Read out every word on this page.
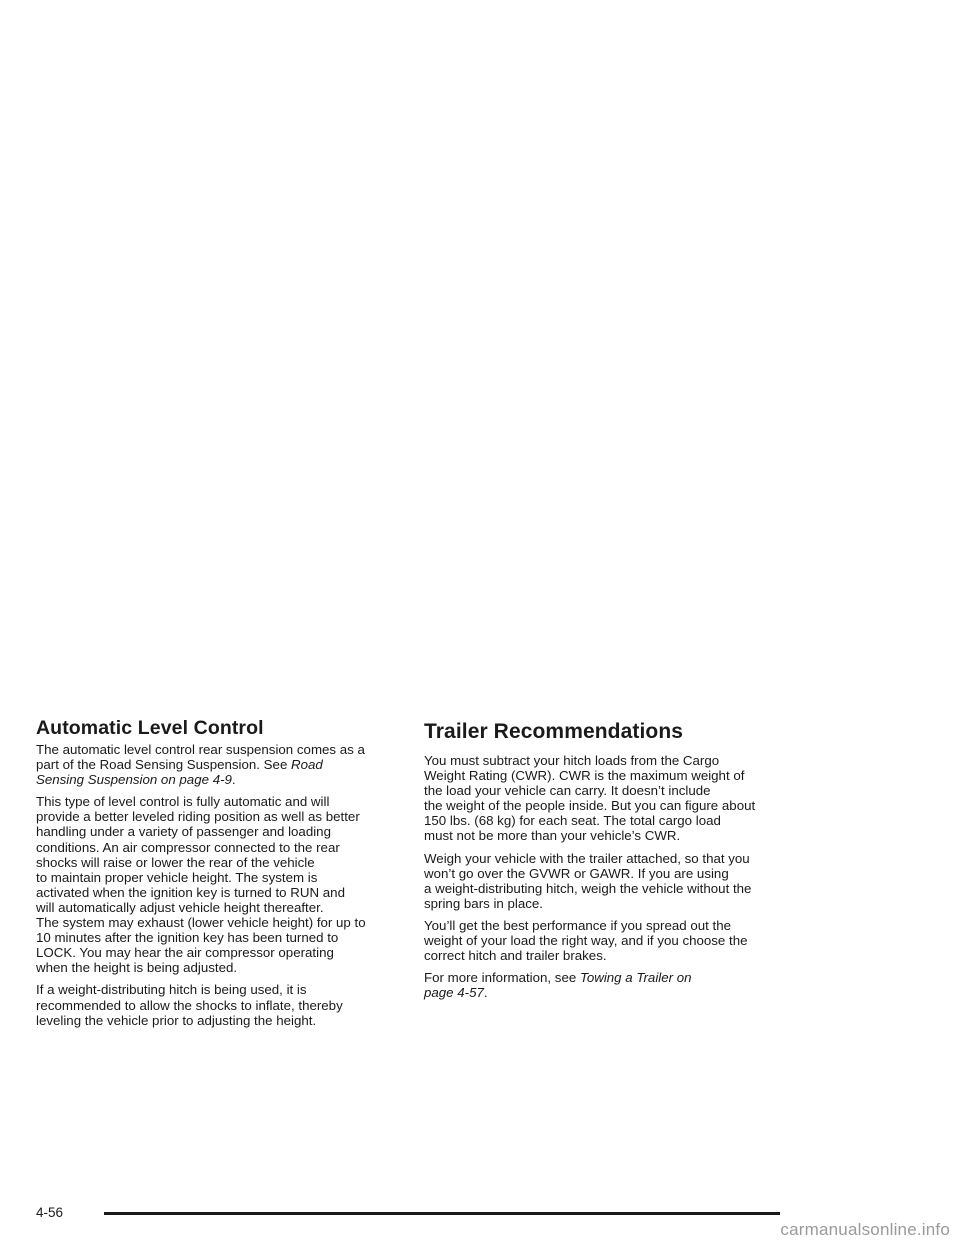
Automatic Level Control

The automatic level control rear suspension comes as a
part of the Road Sensing Suspension. See Road
Sensing Suspension on page 4-9.

This type of level control is fully automatic and will
provide a better leveled riding position as well as better
handling under a variety of passenger and loading
conditions. An air compressor connected to the rear
shocks will raise or lower the rear of the vehicle
to maintain proper vehicle height. The system is
activated when the ignition key is turned to RUN and
will automatically adjust vehicle height thereafter.
The system may exhaust (lower vehicle height) for up to
10 minutes after the ignition key has been turned to
LOCK. You may hear the air compressor operating
when the height is being adjusted.

If a weight-distributing hitch is being used, it is
recommended to allow the shocks to inflate, thereby
leveling the vehicle prior to adjusting the height.

Trailer Recommendations

You must subtract your hitch loads from the Cargo
Weight Rating (CWR). CWR is the maximum weight of
the load your vehicle can carry. It doesn’t include
the weight of the people inside. But you can figure about
150 lbs. (68 kg) for each seat. The total cargo load
must not be more than your vehicle’s CWR.

Weigh your vehicle with the trailer attached, so that you
won’t go over the GVWR or GAWR. If you are using
a weight-distributing hitch, weigh the vehicle without the
spring bars in place.

You’ll get the best performance if you spread out the
weight of your load the right way, and if you choose the
correct hitch and trailer brakes.

For more information, see Towing a Trailer on
page 4-57.

4-56
carmanualsonline.info
